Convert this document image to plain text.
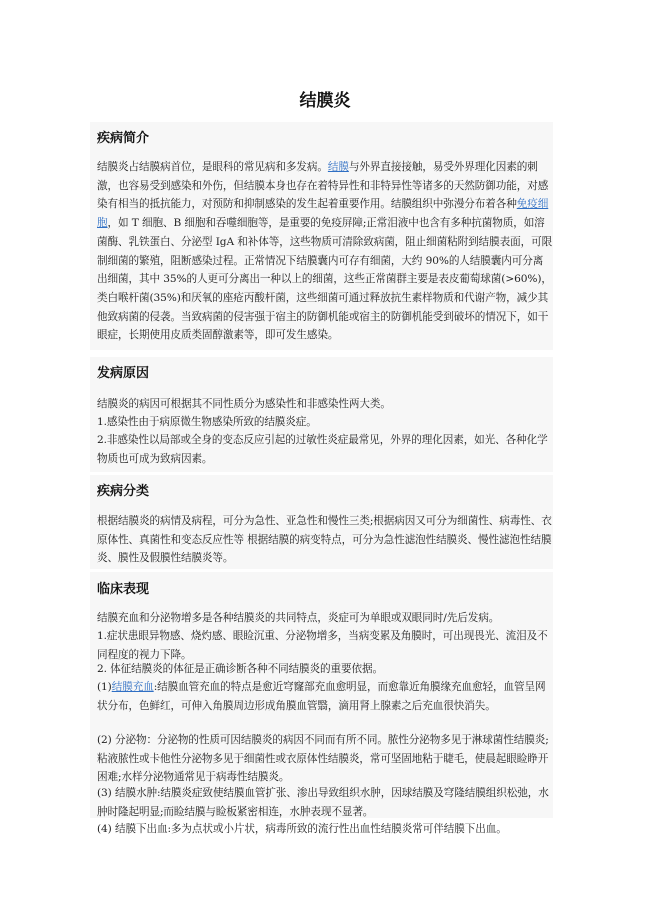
结膜炎
疾病简介

结膜炎占结膜病首位，是眼科的常见病和多发病。结膜与外界直接接触，易受外界理化因素的刺激，也容易受到感染和外伤，但结膜本身也存在着特异性和非特异性等诸多的天然防御功能，对感染有相当的抵抗能力，对预防和抑制感染的发生起着重要作用。结膜组织中弥漫分布着各种免疫细胞，如 T 细胞、B 细胞和吞噬细胞等，是重要的免疫屏障;正常泪液中也含有多种抗菌物质，如溶菌酶、乳铁蛋白、分泌型 IgA 和补体等，这些物质可清除致病菌，阻止细菌粘附到结膜表面，可限制细菌的繁殖，阻断感染过程。正常情况下结膜囊内可存有细菌，大约 90%的人结膜囊内可分离出细菌，其中 35%的人更可分离出一种以上的细菌，这些正常菌群主要是表皮葡萄球菌(>60%)，类白喉杆菌(35%)和厌氧的座疮丙酸杆菌，这些细菌可通过释放抗生素样物质和代谢产物，减少其他致病菌的侵袭。当致病菌的侵害强于宿主的防御机能或宿主的防御机能受到破坏的情况下，如干眼症，长期使用皮质类固醇激素等，即可发生感染。

发病原因

结膜炎的病因可根据其不同性质分为感染性和非感染性两大类。

1.感染性由于病原微生物感染所致的结膜炎症。

2.非感染性以局部或全身的变态反应引起的过敏性炎症最常见，外界的理化因素，如光、各种化学物质也可成为致病因素。

疾病分类

根据结膜炎的病情及病程，可分为急性、亚急性和慢性三类;根据病因又可分为细菌性、病毒性、衣原体性、真菌性和变态反应性等 根据结膜的病变特点，可分为急性滤泡性结膜炎、慢性滤泡性结膜炎、膜性及假膜性结膜炎等。

临床表现

结膜充血和分泌物增多是各种结膜炎的共同特点，炎症可为单眼或双眼同时/先后发病。

1.症状患眼异物感、烧灼感、眼睑沉重、分泌物增多，当病变累及角膜时，可出现畏光、流泪及不同程度的视力下降。

2. 体征结膜炎的体征是正确诊断各种不同结膜炎的重要依据。

(1)结膜充血:结膜血管充血的特点是愈近穹窿部充血愈明显，而愈靠近角膜缘充血愈轻，血管呈网状分布，色鲜红，可伸入角膜周边形成角膜血管翳，滴用肾上腺素之后充血很快消失。

(2) 分泌物：分泌物的性质可因结膜炎的病因不同而有所不同。脓性分泌物多见于淋球菌性结膜炎;粘液脓性或卡他性分泌物多见于细菌性或衣原体性结膜炎，常可坚固地粘于睫毛，使晨起眼睑睁开困难;水样分泌物通常见于病毒性结膜炎。

(3) 结膜水肿:结膜炎症致使结膜血管扩张、渗出导致组织水肿，因球结膜及穹隆结膜组织松弛，水肿时隆起明显;而睑结膜与睑板紧密相连，水肿表现不显著。

(4) 结膜下出血:多为点状或小片状，病毒所致的流行性出血性结膜炎常可伴结膜下出血。
